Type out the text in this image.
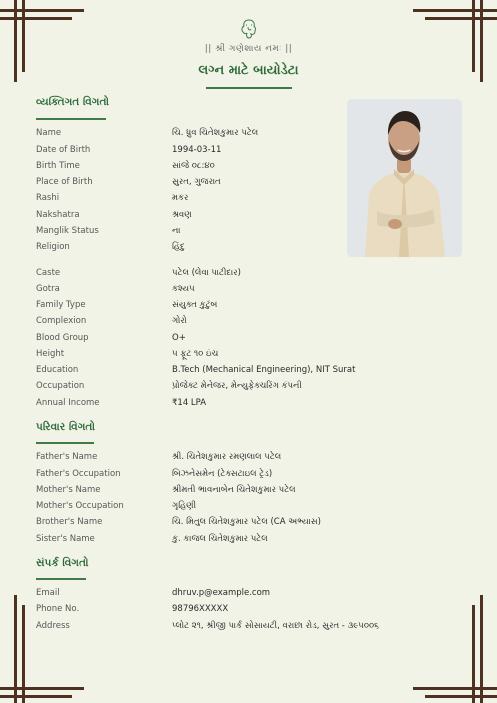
|| શ્રી ગણેશાય નમઃ ||
લગ્ન માટે બાયોડેટા
વ્યક્તિગત વિગતો
Name	ચિ. ધ્રુવ ચિતેશકુમાર પટેલ
Date of Birth	1994-03-11
Birth Time	સાંજે ૦૮:૪૦
Place of Birth	સુરત, ગુજરાત
Rashi	મકર
Nakshatra	શ્રવણ
Manglik Status	ના
Religion	હિંદુ
Caste	પટેલ (લેવા પાટીદાર)
Gotra	કશ્યપ
Family Type	સંયુક્ત કુટુંબ
Complexion	ગોરો
Blood Group	O+
Height	૫ ફૂટ ૧૦ ઇંચ
Education	B.Tech (Mechanical Engineering), NIT Surat
Occupation	પ્રોજેક્ટ મેનેજર, મેન્યુફેક્ચરિંગ કંપની
Annual Income	₹14 LPA
પરિવાર વિગતો
Father's Name	શ્રી. ચિતેશકુમાર રમણલાલ પટેલ
Father's Occupation	બિઝનેસમેન (ટેક્સટાઇલ ટ્રેડ)
Mother's Name	શ્રીમતી ભાવનાબેન ચિતેશકુમાર પટેલ
Mother's Occupation	ગૃહિણી
Brother's Name	ચિ. મિતુલ ચિતેશકુમાર પટેલ (CA અભ્યાસ)
Sister's Name	કુ. કાજલ ચિતેશકુમાર પટેલ
સંપર્ક વિગતો
Email	dhruv.p@example.com
Phone No.	98796XXXXX
Address	પ્લોટ ૨૧, શ્રીજી પાર્ક સોસાયટી, વરાછા રોડ, સુરત - ૩૯૫૦૦૬
